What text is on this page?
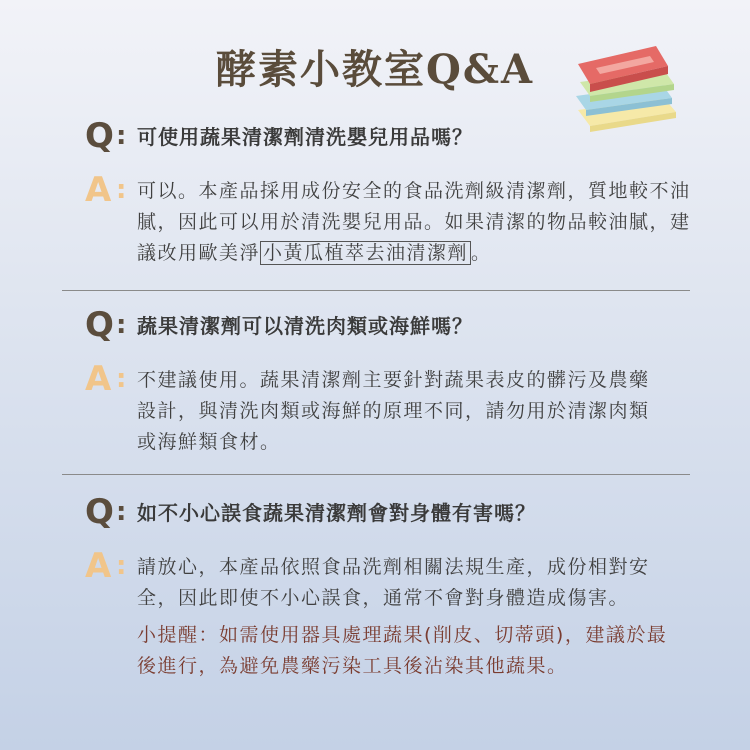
酵素小教室Q&A
Q : 可使用蔬果清潔劑清洗嬰兒用品嗎？
A : 可以。本產品採用成份安全的食品洗劑級清潔劑，質地較不油膩，因此可以用於清洗嬰兒用品。如果清潔的物品較油膩，建議改用歐美淨 小黃瓜植萃去油清潔劑 。
Q : 蔬果清潔劑可以清洗肉類或海鮮嗎？
A : 不建議使用。蔬果清潔劑主要針對蔬果表皮的髒污及農藥設計，與清洗肉類或海鮮的原理不同，請勿用於清潔肉類或海鮮類食材。
Q : 如不小心誤食蔬果清潔劑會對身體有害嗎？
A : 請放心，本產品依照食品洗劑相關法規生產，成份相對安全，因此即使不小心誤食，通常不會對身體造成傷害。
小提醒：如需使用器具處理蔬果(削皮、切蒂頭)，建議於最後進行，為避免農藥污染工具後沾染其他蔬果。
